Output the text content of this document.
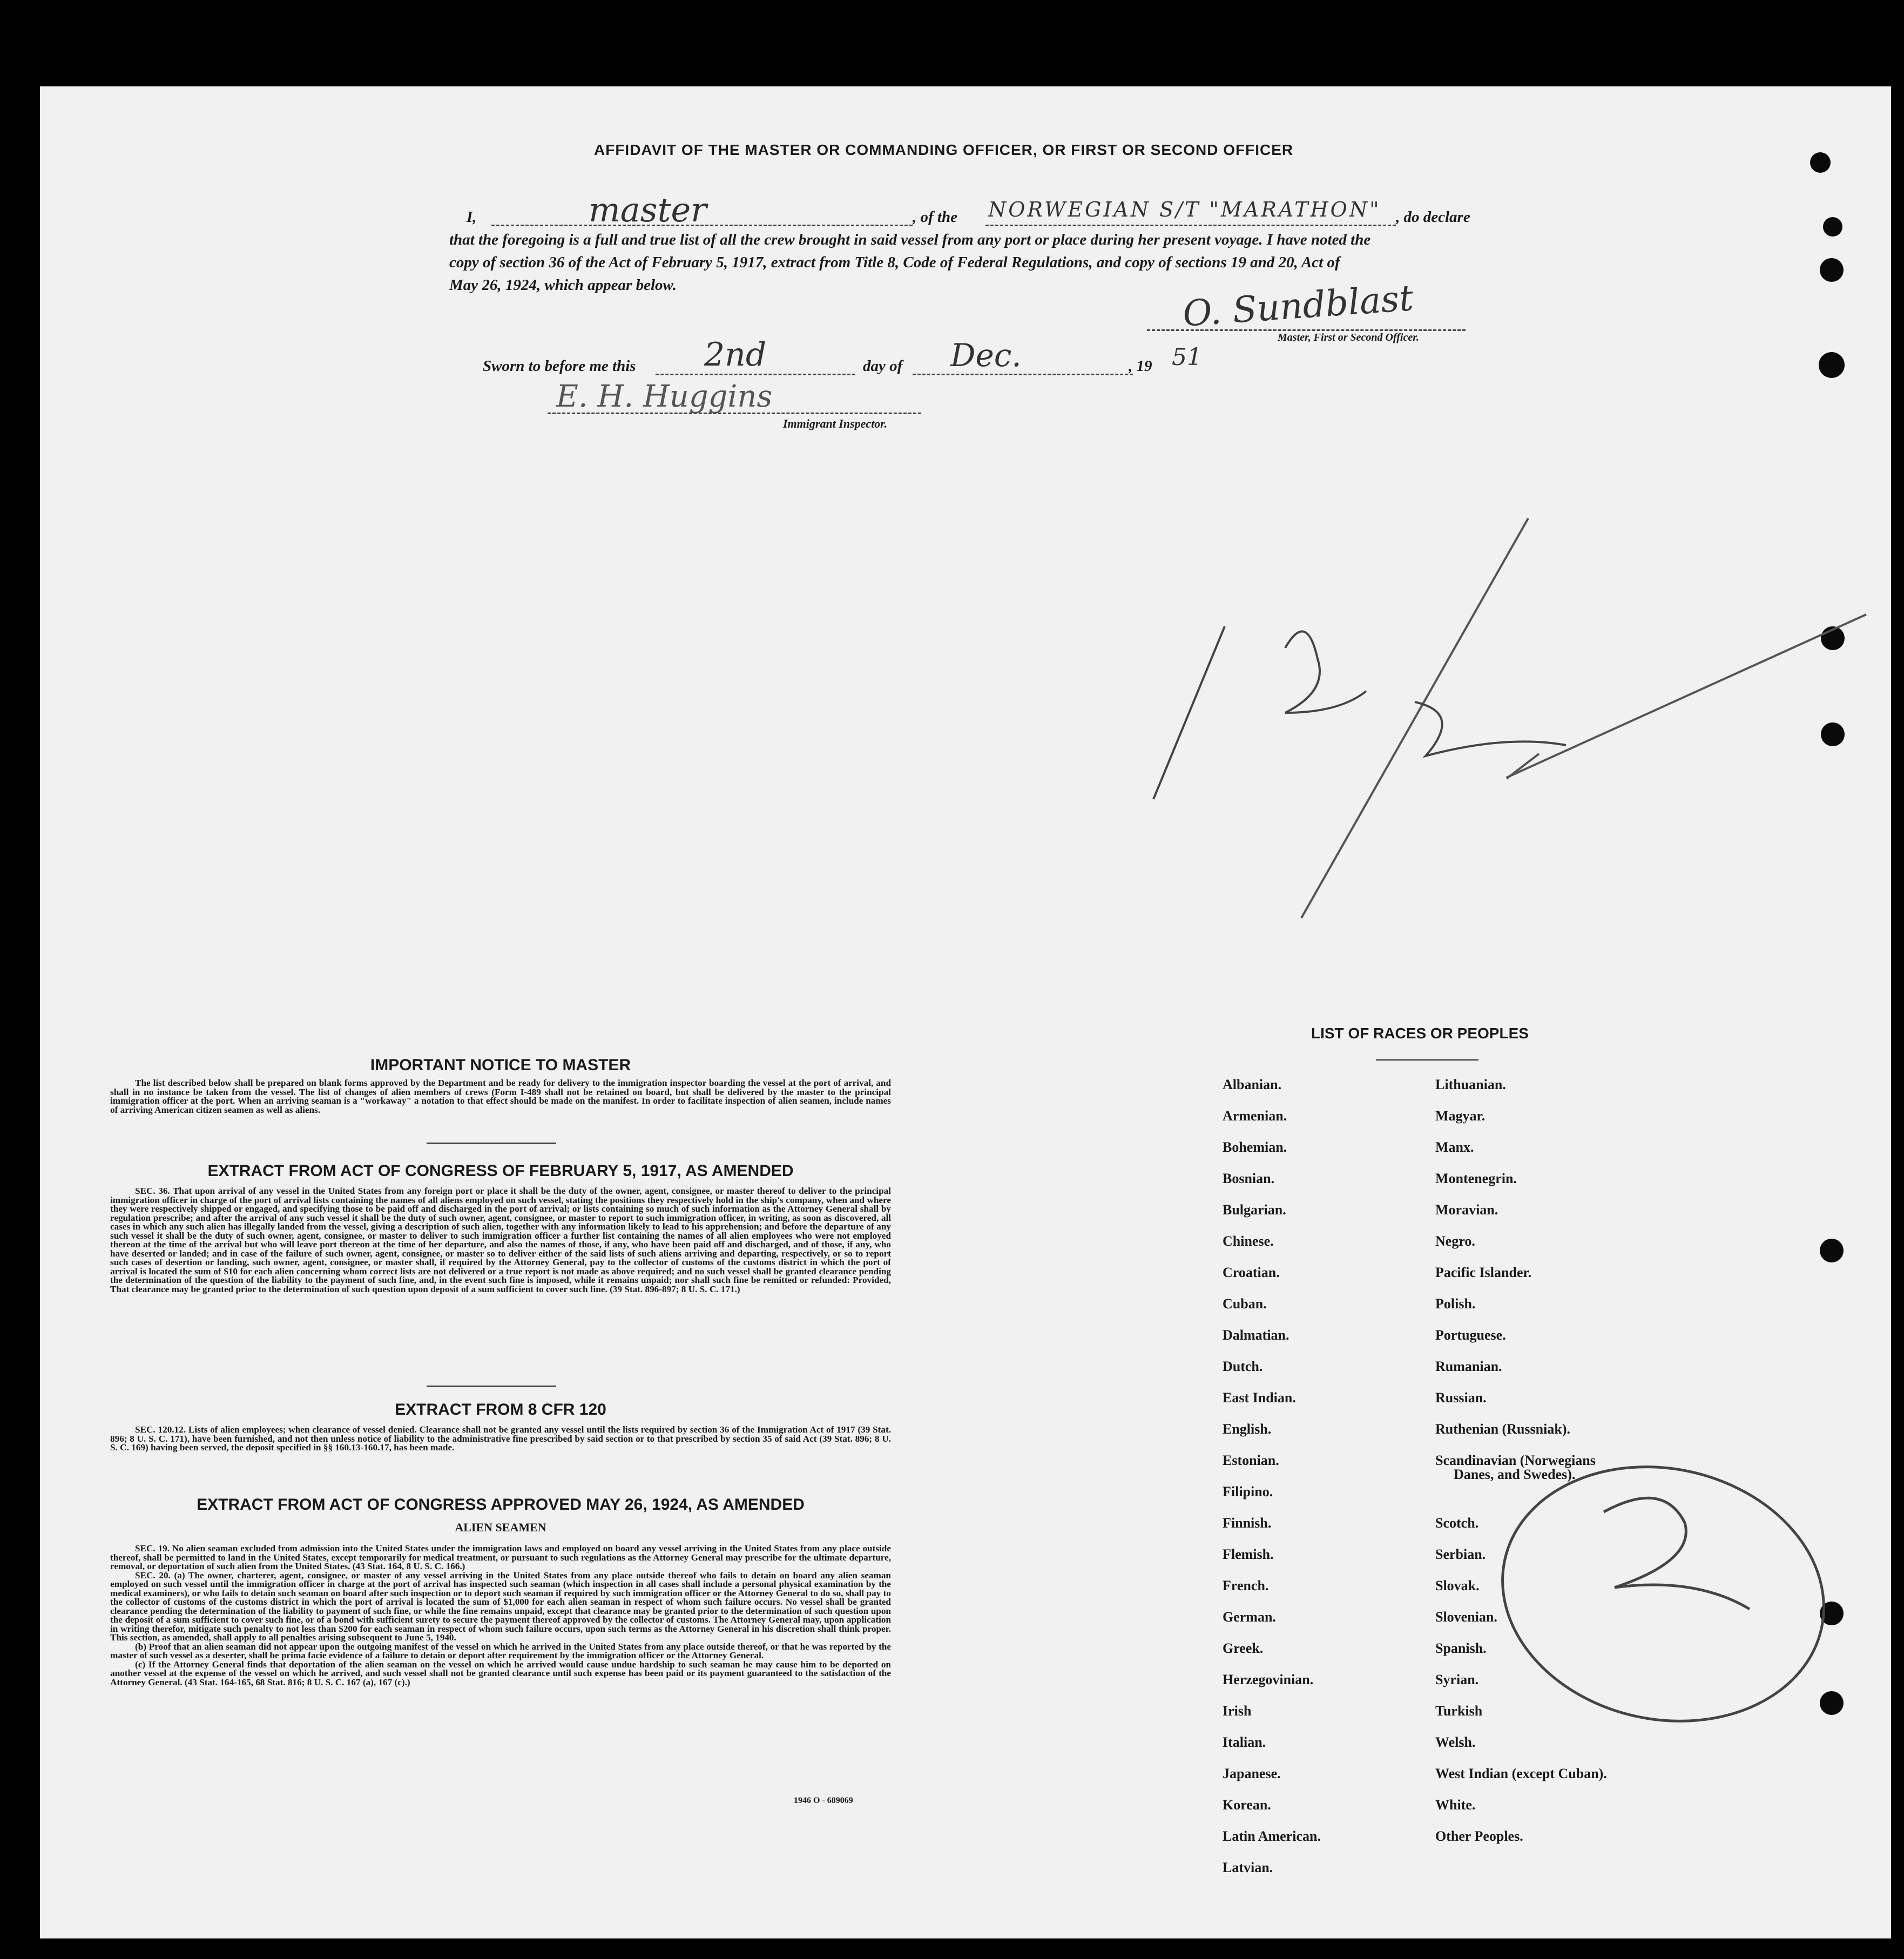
AFFIDAVIT OF THE MASTER OR COMMANDING OFFICER, OR FIRST OR SECOND OFFICER
I,	master	, of the NORWEGIAN S/T "MARATHON" , do declare
that the foregoing is a full and true list of all the crew brought in said vessel from any port or place during her present voyage. I have noted the
copy of section 36 of the Act of February 5, 1917, extract from Title 8, Code of Federal Regulations, and copy of sections 19 and 20, Act of
May 26, 1924, which appear below.	O. Sundblast
Master, First or Second Officer.
Sworn to before me this 2nd	day of Dec.	, 19 51
E. H. Huggins
Immigrant Inspector.
IMPORTANT NOTICE TO MASTER

The list described below shall be prepared on blank forms approved by the Department and be ready for delivery to the immigration inspector boarding the vessel at the port of arrival, and shall in no instance be taken from the vessel. The list of changes of alien members of crews (Form I-489 shall not be retained on board, but shall be delivered by the master to the principal immigration officer at the port. When an arriving seaman is a "workaway" a notation to that effect should be made on the manifest. In order to facilitate inspection of alien seamen, include names of arriving American citizen seamen as well as aliens.

EXTRACT FROM ACT OF CONGRESS OF FEBRUARY 5, 1917, AS AMENDED

SEC. 36. That upon arrival of any vessel in the United States from any foreign port or place it shall be the duty of the owner, agent, consignee, or master thereof to deliver to the principal immigration officer in charge of the port of arrival lists containing the names of all aliens employed on such vessel, stating the positions they respectively hold in the ship's company, when and where they were respectively shipped or engaged, and specifying those to be paid off and discharged in the port of arrival; or lists containing so much of such information as the Attorney General shall by regulation prescribe; and after the arrival of any such vessel it shall be the duty of such owner, agent, consignee, or master to report to such immigration officer, in writing, as soon as discovered, all cases in which any such alien has illegally landed from the vessel, giving a description of such alien, together with any information likely to lead to his apprehension; and before the departure of any such vessel it shall be the duty of such owner, agent, consignee, or master to deliver to such immigration officer a further list containing the names of all alien employees who were not employed thereon at the time of the arrival but who will leave port thereon at the time of her departure, and also the names of those, if any, who have been paid off and discharged, and of those, if any, who have deserted or landed; and in case of the failure of such owner, agent, consignee, or master so to deliver either of the said lists of such aliens arriving and departing, respectively, or so to report such cases of desertion or landing, such owner, agent, consignee, or master shall, if required by the Attorney General, pay to the collector of customs of the customs district in which the port of arrival is located the sum of $10 for each alien concerning whom correct lists are not delivered or a true report is not made as above required; and no such vessel shall be granted clearance pending the determination of the question of the liability to the payment of such fine, and, in the event such fine is imposed, while it remains unpaid; nor shall such fine be remitted or refunded: Provided, That clearance may be granted prior to the determination of such question upon deposit of a sum sufficient to cover such fine. (39 Stat. 896-897; 8 U. S. C. 171.)

EXTRACT FROM 8 CFR 120

SEC. 120.12. Lists of alien employees; when clearance of vessel denied. Clearance shall not be granted any vessel until the lists required by section 36 of the Immigration Act of 1917 (39 Stat. 896; 8 U. S. C. 171), have been furnished, and not then unless notice of liability to the administrative fine prescribed by said section or to that prescribed by section 35 of said Act (39 Stat. 896; 8 U. S. C. 169) having been served, the deposit specified in §§ 160.13-160.17, has been made.

EXTRACT FROM ACT OF CONGRESS APPROVED MAY 26, 1924, AS AMENDED
ALIEN SEAMEN

SEC. 19. No alien seaman excluded from admission into the United States under the immigration laws and employed on board any vessel arriving in the United States from any place outside thereof, shall be permitted to land in the United States, except temporarily for medical treatment, or pursuant to such regulations as the Attorney General may prescribe for the ultimate departure, removal, or deportation of such alien from the United States. (43 Stat. 164, 8 U. S. C. 166.)

SEC. 20. (a) The owner, charterer, agent, consignee, or master of any vessel arriving in the United States from any place outside thereof who fails to detain on board any alien seaman employed on such vessel until the immigration officer in charge at the port of arrival has inspected such seaman (which inspection in all cases shall include a personal physical examination by the medical examiners), or who fails to detain such seaman on board after such inspection or to deport such seaman if required by such immigration officer or the Attorney General to do so, shall pay to the collector of customs of the customs district in which the port of arrival is located the sum of $1,000 for each alien seaman in respect of whom such failure occurs. No vessel shall be granted clearance pending the determination of the liability to payment of such fine, or while the fine remains unpaid, except that clearance may be granted prior to the determination of such question upon the deposit of a sum sufficient to cover such fine, or of a bond with sufficient surety to secure the payment thereof approved by the collector of customs. The Attorney General may, upon application in writing therefor, mitigate such penalty to not less than $200 for each seaman in respect of whom such failure occurs, upon such terms as the Attorney General in his discretion shall think proper. This section, as amended, shall apply to all penalties arising subsequent to June 5, 1940.

(b) Proof that an alien seaman did not appear upon the outgoing manifest of the vessel on which he arrived in the United States from any place outside thereof, or that he was reported by the master of such vessel as a deserter, shall be prima facie evidence of a failure to detain or deport after requirement by the immigration officer or the Attorney General.

(c) If the Attorney General finds that deportation of the alien seaman on the vessel on which he arrived would cause undue hardship to such seaman he may cause him to be deported on another vessel at the expense of the vessel on which he arrived, and such vessel shall not be granted clearance until such expense has been paid or its payment guaranteed to the satisfaction of the Attorney General. (43 Stat. 164-165, 68 Stat. 816; 8 U. S. C. 167 (a), 167 (c).)

1946 O - 689069
LIST OF RACES OR PEOPLES
Albanian.
Armenian.
Bohemian.
Bosnian.
Bulgarian.
Chinese.
Croatian.
Cuban.
Dalmatian.
Dutch.
East Indian.
English.
Estonian.
Filipino.
Finnish.
Flemish.
French.
German.
Greek.
Herzegovinian.
Irish
Italian.
Japanese.
Korean.
Latin American.
Latvian.
Lithuanian.
Magyar.
Manx.
Montenegrin.
Moravian.
Negro.
Pacific Islander.
Polish.
Portuguese.
Rumanian.
Russian.
Ruthenian (Russniak).
Scandinavian (Norwegians
Danes, and Swedes).
Scotch.
Serbian.
Slovak.
Slovenian.
Spanish.
Syrian.
Turkish
Welsh.
West Indian (except Cuban).
White.
Other Peoples.
